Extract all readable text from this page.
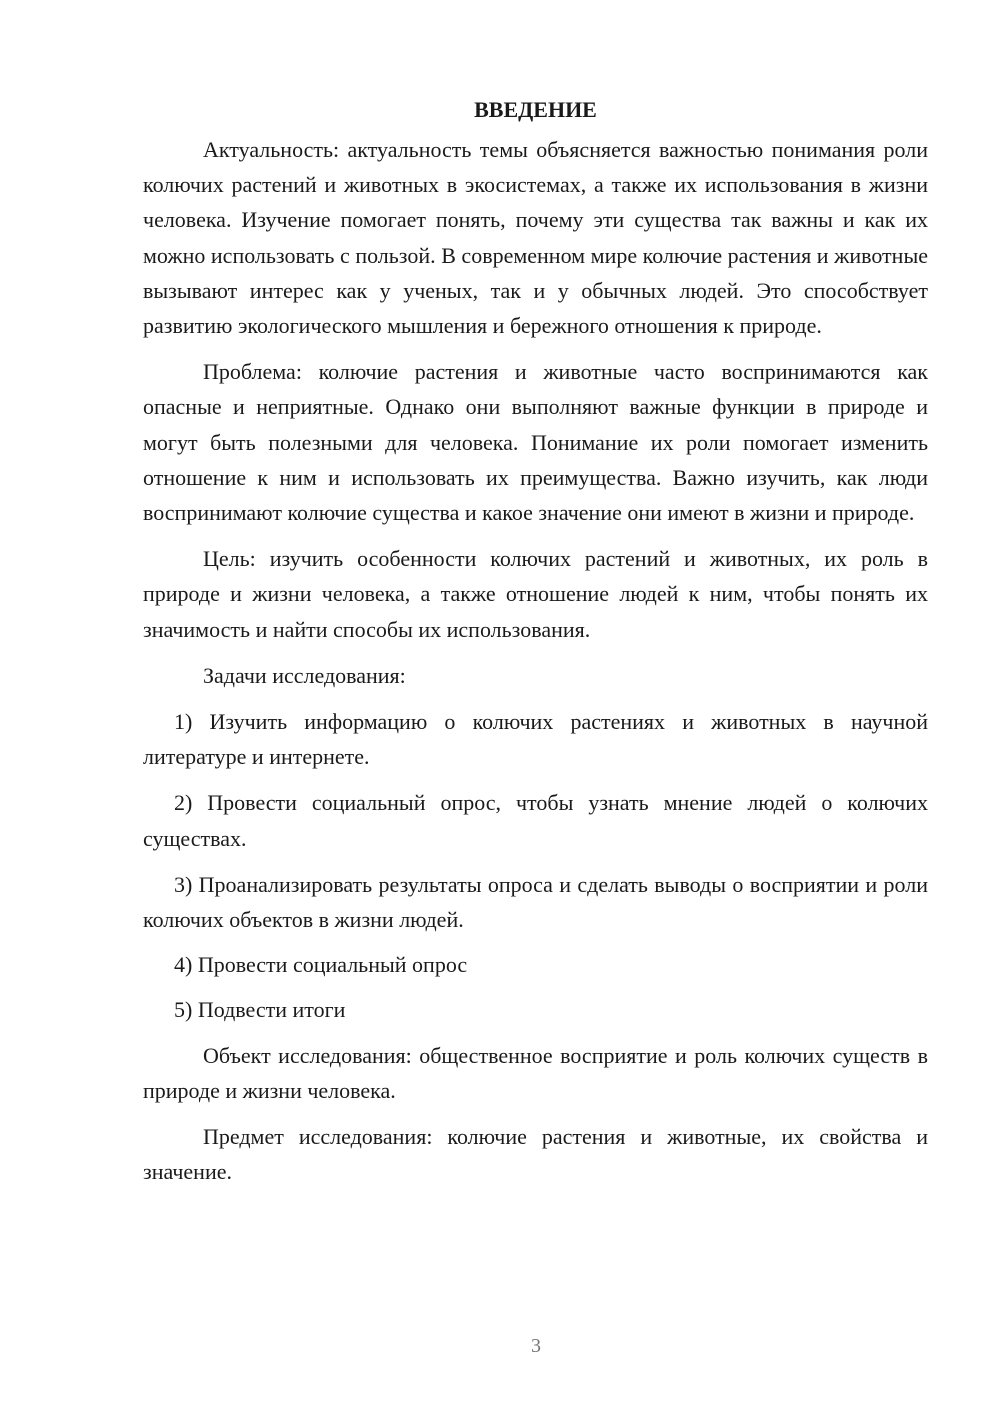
ВВЕДЕНИЕ

Актуальность: актуальность темы объясняется важностью понимания роли колючих растений и животных в экосистемах, а также их использования в жизни человека. Изучение помогает понять, почему эти существа так важны и как их можно использовать с пользой. В современном мире колючие растения и животные вызывают интерес как у ученых, так и у обычных людей. Это способствует развитию экологического мышления и бережного отношения к природе.

Проблема: колючие растения и животные часто воспринимаются как опасные и неприятные. Однако они выполняют важные функции в природе и могут быть полезными для человека. Понимание их роли помогает изменить отношение к ним и использовать их преимущества. Важно изучить, как люди воспринимают колючие существа и какое значение они имеют в жизни и природе.

Цель: изучить особенности колючих растений и животных, их роль в природе и жизни человека, а также отношение людей к ним, чтобы понять их значимость и найти способы их использования.

Задачи исследования:

1) Изучить информацию о колючих растениях и животных в научной литературе и интернете.

2) Провести социальный опрос, чтобы узнать мнение людей о колючих существах.

3) Проанализировать результаты опроса и сделать выводы о восприятии и роли колючих объектов в жизни людей.

4) Провести социальный опрос

5) Подвести итоги

Объект исследования: общественное восприятие и роль колючих существ в природе и жизни человека.

Предмет исследования: колючие растения и животные, их свойства и значение.

3
